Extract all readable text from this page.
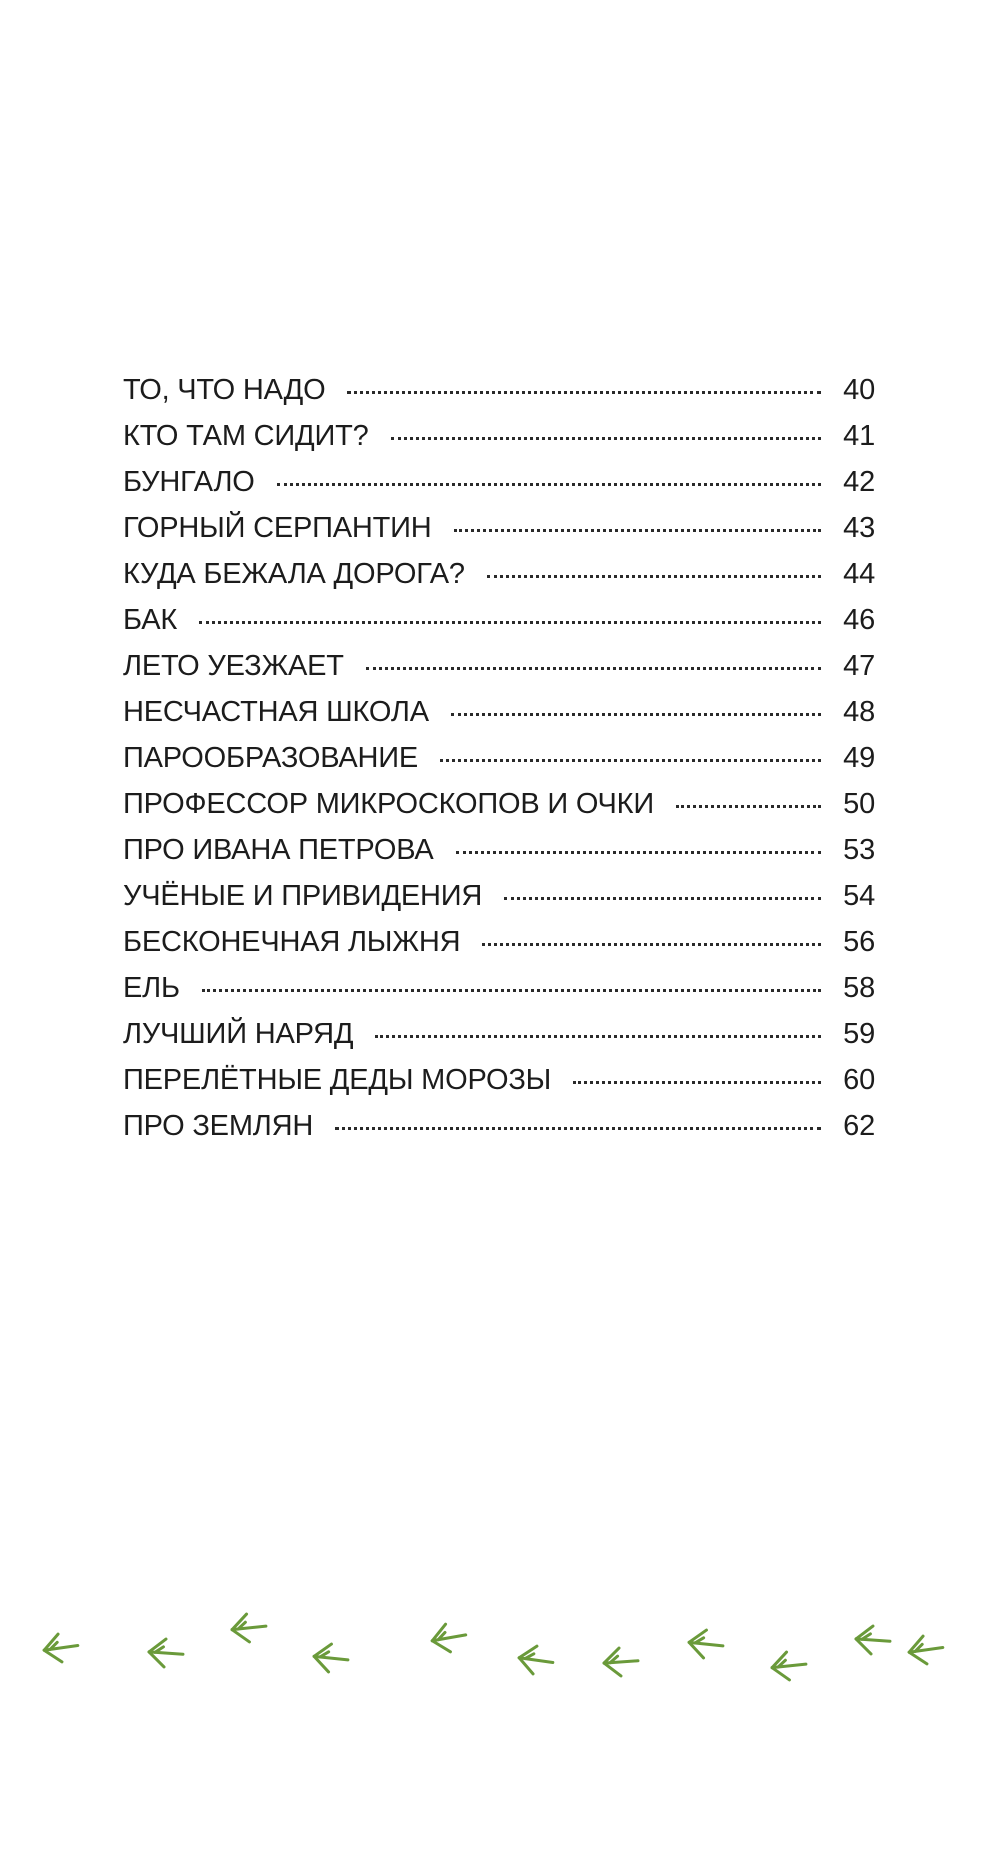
ТО, ЧТО НАДО	40
КТО ТАМ СИДИТ?	41
БУНГАЛО	42
ГОРНЫЙ СЕРПАНТИН	43
КУДА БЕЖАЛА ДОРОГА?	44
БАК	46
ЛЕТО УЕЗЖАЕТ	47
НЕСЧАСТНАЯ ШКОЛА	48
ПАРООБРАЗОВАНИЕ	49
ПРОФЕССОР МИКРОСКОПОВ И ОЧКИ	50
ПРО ИВАНА ПЕТРОВА	53
УЧЁНЫЕ И ПРИВИДЕНИЯ	54
БЕСКОНЕЧНАЯ ЛЫЖНЯ	56
ЕЛЬ	58
ЛУЧШИЙ НАРЯД	59
ПЕРЕЛЁТНЫЕ ДЕДЫ МОРОЗЫ	60
ПРО ЗЕМЛЯН	62
